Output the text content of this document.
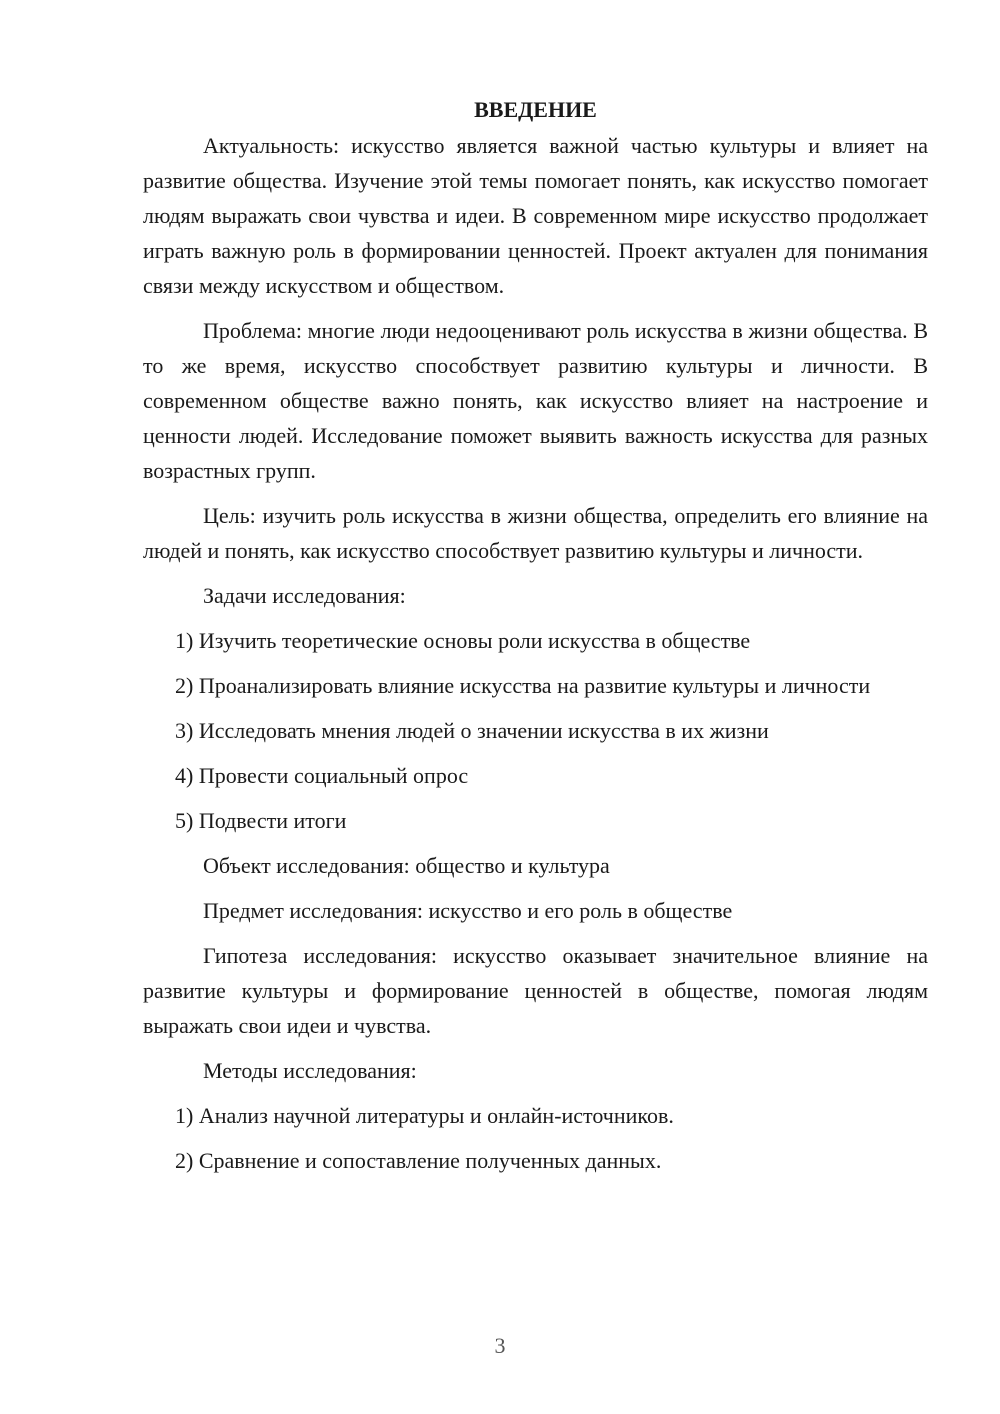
ВВЕДЕНИЕ

Актуальность: искусство является важной частью культуры и влияет на развитие общества. Изучение этой темы помогает понять, как искусство помогает людям выражать свои чувства и идеи. В современном мире искусство продолжает играть важную роль в формировании ценностей. Проект актуален для понимания связи между искусством и обществом.

Проблема: многие люди недооценивают роль искусства в жизни общества. В то же время, искусство способствует развитию культуры и личности. В современном обществе важно понять, как искусство влияет на настроение и ценности людей. Исследование поможет выявить важность искусства для разных возрастных групп.

Цель: изучить роль искусства в жизни общества, определить его влияние на людей и понять, как искусство способствует развитию культуры и личности.

Задачи исследования:

1) Изучить теоретические основы роли искусства в обществе

2) Проанализировать влияние искусства на развитие культуры и личности

3) Исследовать мнения людей о значении искусства в их жизни

4) Провести социальный опрос

5) Подвести итоги

Объект исследования: общество и культура

Предмет исследования: искусство и его роль в обществе

Гипотеза исследования: искусство оказывает значительное влияние на развитие культуры и формирование ценностей в обществе, помогая людям выражать свои идеи и чувства.

Методы исследования:

1) Анализ научной литературы и онлайн-источников.

2) Сравнение и сопоставление полученных данных.

3
